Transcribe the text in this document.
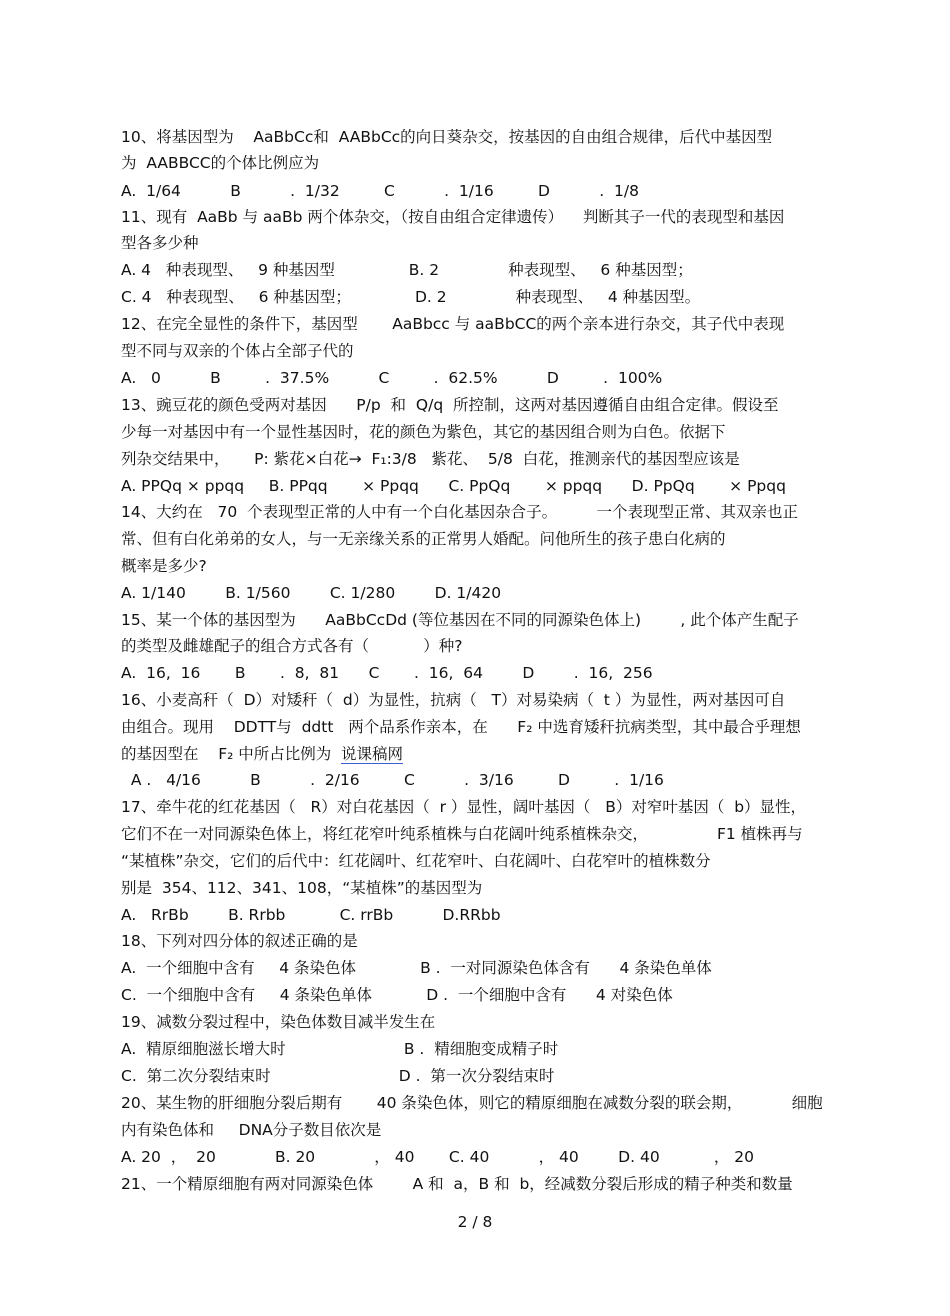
10、将基因型为    AaBbCc和  AABbCc的向日葵杂交，按基因的自由组合规律，后代中基因型
为  AABBCC的个体比例应为
A.  1/64          B          .  1/32         C          .  1/16         D          .  1/8
11、现有  AaBb 与 aaBb 两个体杂交，（按自由组合定律遗传）    判断其子一代的表现型和基因
型各多少种
A. 4   种表现型、   9 种基因型               B. 2              种表现型、   6 种基因型；
C. 4   种表现型、   6 种基因型；             D. 2              种表现型、   4 种基因型。
12、在完全显性的条件下，基因型       AaBbcc 与 aaBbCC的两个亲本进行杂交，其子代中表现
型不同与双亲的个体占全部子代的
A.   0          B         .  37.5%          C         .  62.5%          D         .  100%
13、豌豆花的颜色受两对基因      P/p  和  Q/q  所控制，这两对基因遵循自由组合定律。假设至
少每一对基因中有一个显性基因时，花的颜色为紫色，其它的基因组合则为白色。依据下
列杂交结果中，     P: 紫花×白花→  F₁:3/8   紫花、  5/8  白花，推测亲代的基因型应该是
A. PPQq × ppqq     B. PPqq       × Ppqq      C. PpQq       × ppqq      D. PpQq       × Ppqq
14、大约在   70  个表现型正常的人中有一个白化基因杂合子。        一个表现型正常、其双亲也正
常、但有白化弟弟的女人，与一无亲缘关系的正常男人婚配。问他所生的孩子患白化病的
概率是多少?
A. 1/140        B. 1/560        C. 1/280        D. 1/420
15、某一个体的基因型为      AaBbCcDd (等位基因在不同的同源染色体上)        , 此个体产生配子
的类型及雌雄配子的组合方式各有（           ）种?
A.  16,  16       B       .  8,  81      C       .  16,  64        D        .  16,  256
16、小麦高秆（  D）对矮秆（  d）为显性，抗病（   T）对易染病（  t ）为显性，两对基因可自
由组合。现用    DDTT与  ddtt   两个品系作亲本，在      F₂ 中选育矮秆抗病类型，其中最合乎理想
的基因型在    F₂ 中所占比例为 说课稿网
A .   4/16          B          .  2/16         C          .  3/16         D         .  1/16
17、牵牛花的红花基因（   R）对白花基因（  r ）显性，阔叶基因（   B）对窄叶基因（  b）显性，
它们不在一对同源染色体上，将红花窄叶纯系植株与白花阔叶纯系植株杂交，              F1 植株再与
“某植株”杂交，它们的后代中：红花阔叶、红花窄叶、白花阔叶、白花窄叶的植株数分
别是  354、112、341、108，“某植株”的基因型为
A.   RrBb        B. Rrbb           C. rrBb          D.RRbb
18、下列对四分体的叙述正确的是
A.  一个细胞中含有     4 条染色体             B .  一对同源染色体含有      4 条染色单体
C.  一个细胞中含有     4 条染色单体           D .  一个细胞中含有      4 对染色体
19、减数分裂过程中，染色体数目减半发生在
A.  精原细胞滋长增大时                        B .  精细胞变成精子时
C.  第二次分裂结束时                          D .  第一次分裂结束时
20、某生物的肝细胞分裂后期有       40 条染色体，则它的精原细胞在减数分裂的联会期，          细胞
内有染色体和     DNA分子数目依次是
A. 20  ，  20            B. 20            ， 40       C. 40          ， 40        D. 40           ， 20
21、一个精原细胞有两对同源染色体        A 和  a，B 和  b，经减数分裂后形成的精子种类和数量
2 / 8
